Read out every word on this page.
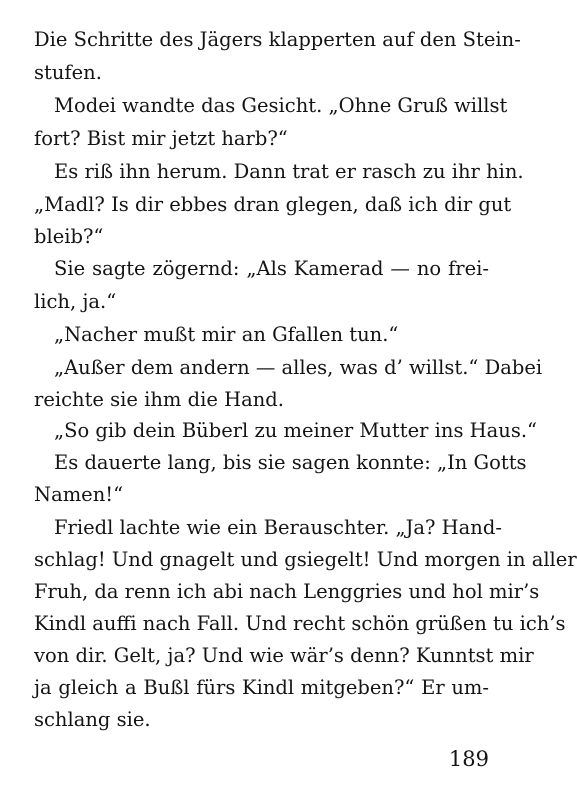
Die Schritte des Jägers klapperten auf den Stein-
stufen.
Modei wandte das Gesicht. „Ohne Gruß willst
fort? Bist mir jetzt harb?“
Es riß ihn herum. Dann trat er rasch zu ihr hin.
„Madl? Is dir ebbes dran glegen, daß ich dir gut
bleib?“
Sie sagte zögernd: „Als Kamerad — no frei-
lich, ja.“
„Nacher mußt mir an Gfallen tun.“
„Außer dem andern — alles, was d’ willst.“ Dabei
reichte sie ihm die Hand.
„So gib dein Büberl zu meiner Mutter ins Haus.“
Es dauerte lang, bis sie sagen konnte: „In Gotts
Namen!“
Friedl lachte wie ein Berauschter. „Ja? Hand-
schlag! Und gnagelt und gsiegelt! Und morgen in aller
Fruh, da renn ich abi nach Lenggries und hol mir’s
Kindl auffi nach Fall. Und recht schön grüßen tu ich’s
von dir. Gelt, ja? Und wie wär’s denn? Kunntst mir
ja gleich a Bußl fürs Kindl mitgeben?“ Er um-
schlang sie.
189
